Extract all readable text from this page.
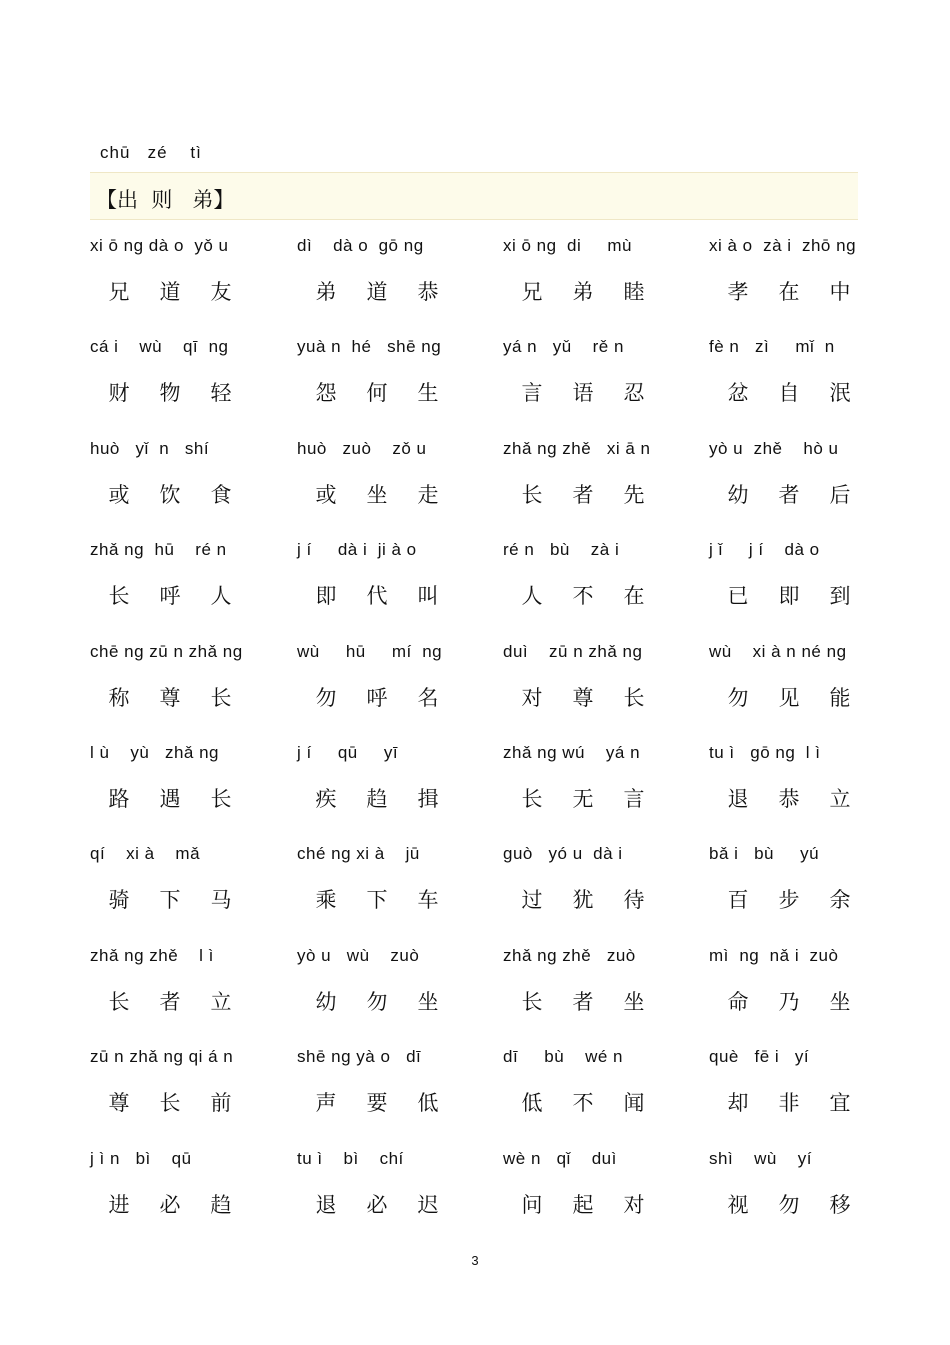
chū   zé    tì
【出  则   弟】
xi ō ng dà o  yǒ u
兄 道 友
dì    dà o  gō ng
弟 道 恭
xi ō ng  di     mù
兄 弟 睦
xi à o  zà i  zhō ng
孝 在 中
cá i    wù    qī  ng
财 物 轻
yuà n  hé   shē ng
怨 何 生
yá n   yǔ    rě n
言 语 忍
fè n   zì     mǐ  n
忿 自 泯
huò   yǐ  n   shí
或 饮 食
huò   zuò    zǒ u
或 坐 走
zhǎ ng zhě   xi ā n
长 者 先
yò u  zhě    hò u
幼 者 后
zhǎ ng  hū    ré n
长 呼 人
j í     dà i  ji à o
即 代 叫
ré n   bù    zà i
人 不 在
j ǐ     j í    dà o
已 即 到
chē ng zū n zhǎ ng
称 尊 长
wù     hū     mí  ng
勿 呼 名
duì    zū n zhǎ ng
对 尊 长
wù    xi à n né ng
勿 见 能
l ù    yù   zhǎ ng
路 遇 长
j í     qū     yī
疾 趋 揖
zhǎ ng wú    yá n
长 无 言
tu ì   gō ng  l ì
退 恭 立
qí    xi à    mǎ
骑 下 马
ché ng xi à    jū
乘 下 车
guò   yó u  dà i
过 犹 待
bǎ i   bù     yú
百 步 余
zhǎ ng zhě    l ì
长 者 立
yò u   wù    zuò
幼 勿 坐
zhǎ ng zhě   zuò
长 者 坐
mì  ng  nǎ i  zuò
命 乃 坐
zū n zhǎ ng qi á n
尊 长 前
shē ng yà o   dī
声 要 低
dī     bù    wé n
低 不 闻
què   fē i   yí
却 非 宜
j ì n   bì    qū
进 必 趋
tu ì    bì    chí
退 必 迟
wè n   qǐ    duì
问 起 对
shì    wù    yí
视 勿 移
3
